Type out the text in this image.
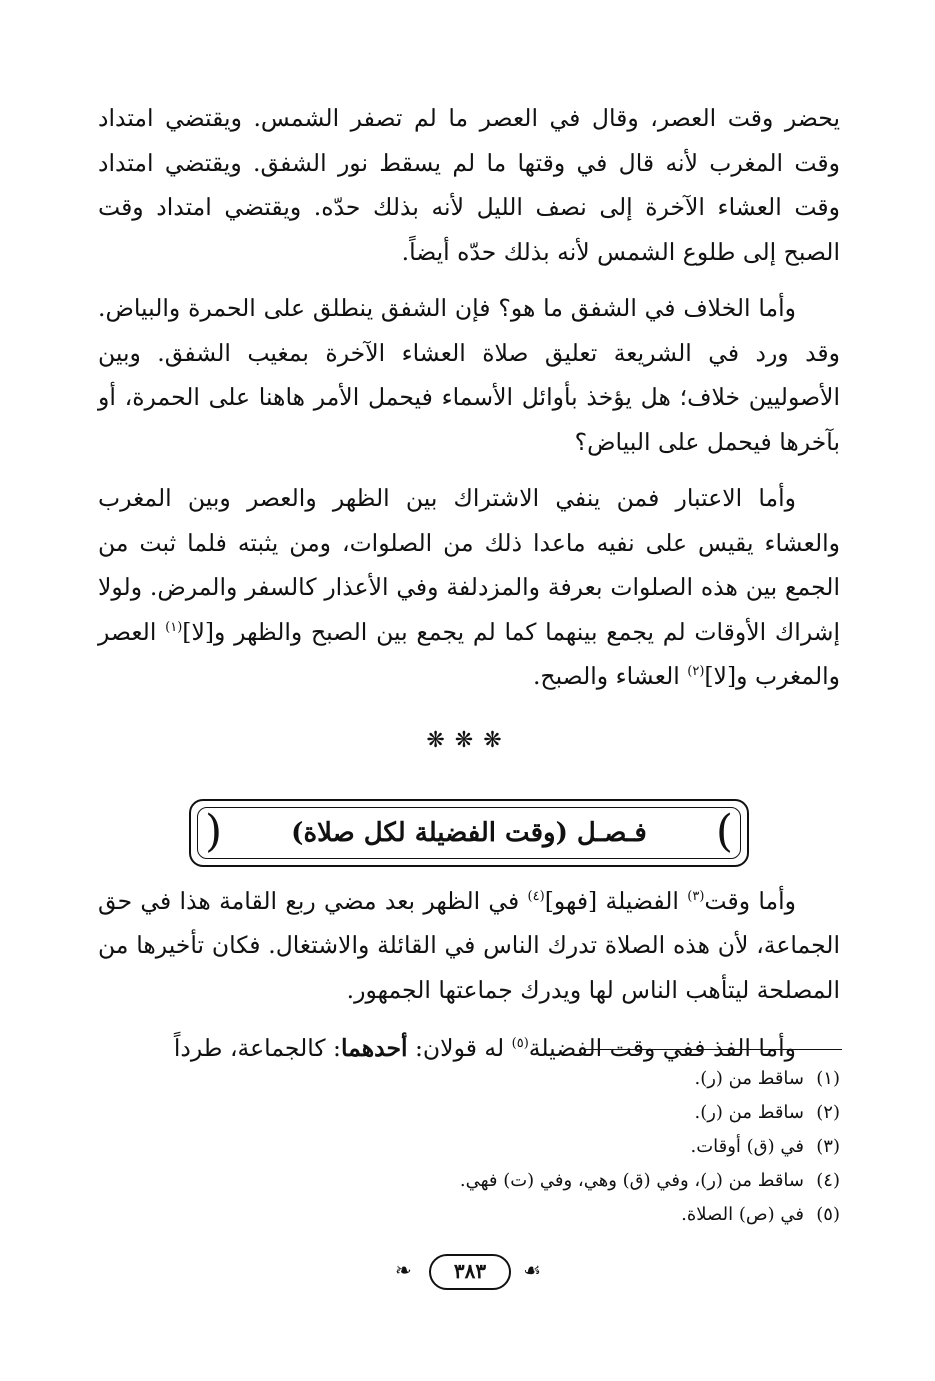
يحضر وقت العصر، وقال في العصر ما لم تصفر الشمس. ويقتضي امتداد وقت المغرب لأنه قال في وقتها ما لم يسقط نور الشفق. ويقتضي امتداد وقت العشاء الآخرة إلى نصف الليل لأنه بذلك حدّه. ويقتضي امتداد وقت الصبح إلى طلوع الشمس لأنه بذلك حدّه أيضاً.

وأما الخلاف في الشفق ما هو؟ فإن الشفق ينطلق على الحمرة والبياض. وقد ورد في الشريعة تعليق صلاة العشاء الآخرة بمغيب الشفق. وبين الأصوليين خلاف؛ هل يؤخذ بأوائل الأسماء فيحمل الأمر هاهنا على الحمرة، أو بآخرها فيحمل على البياض؟

وأما الاعتبار فمن ينفي الاشتراك بين الظهر والعصر وبين المغرب والعشاء يقيس على نفيه ماعدا ذلك من الصلوات، ومن يثبته فلما ثبت من الجمع بين هذه الصلوات بعرفة والمزدلفة وفي الأعذار كالسفر والمرض. ولولا إشراك الأوقات لم يجمع بينهما كما لم يجمع بين الصبح والظهر و[لا]$^{(١)}$ العصر والمغرب و[لا]$^{(٢)}$ العشاء والصبح.

❋❋❋
(	)
فـصـل (وقت الفضيلة لكل صلاة)

وأما وقت$^{(٣)}$ الفضيلة [فهو]$^{(٤)}$ في الظهر بعد مضي ربع القامة هذا في حق الجماعة، لأن هذه الصلاة تدرك الناس في القائلة والاشتغال. فكان تأخيرها من المصلحة ليتأهب الناس لها ويدرك جماعتها الجمهور.

وأما الفذ ففي وقت الفضيلة$^{(٥)}$ له قولان: أحدهما: كالجماعة، طرداً

(١)ساقط من (ر).
(٢)ساقط من (ر).
(٣)في (ق) أوقات.
(٤)ساقط من (ر)، وفي (ق) وهي، وفي (ت) فهي.
(٥)في (ص) الصلاة.
❧	٣٨٣	☙
